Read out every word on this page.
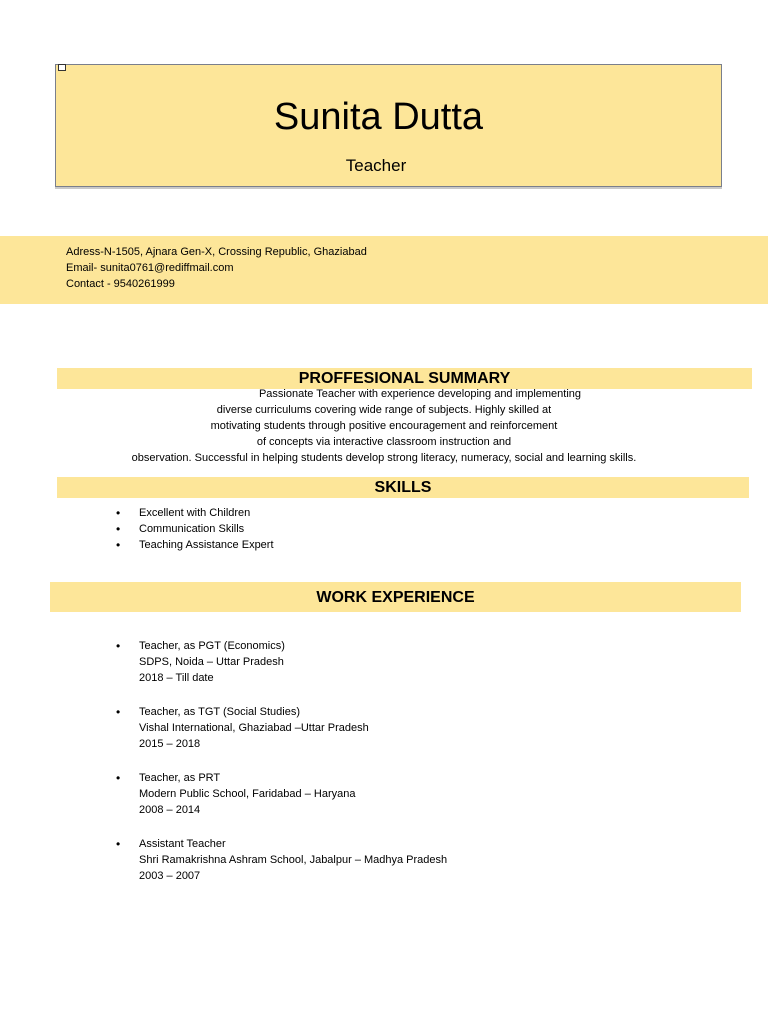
Sunita Dutta
Teacher
Adress-N-1505, Ajnara Gen-X, Crossing Republic, Ghaziabad
Email- sunita0761@rediffmail.com
Contact - 9540261999
PROFFESIONAL SUMMARY
Passionate Teacher with experience developing and implementing
diverse curriculums covering wide range of subjects. Highly skilled at
motivating students through positive encouragement and reinforcement
of concepts via interactive classroom instruction and
observation. Successful in helping students develop strong literacy, numeracy, social and learning skills.
SKILLS
• Excellent with Children
• Communication Skills
• Teaching Assistance Expert
WORK EXPERIENCE
• Teacher, as PGT (Economics)
SDPS, Noida – Uttar Pradesh
2018 – Till date
• Teacher, as TGT (Social Studies)
Vishal International, Ghaziabad –Uttar Pradesh
2015 – 2018
• Teacher, as PRT
Modern Public School, Faridabad – Haryana
2008 – 2014
• Assistant Teacher
Shri Ramakrishna Ashram School, Jabalpur – Madhya Pradesh
2003 – 2007
